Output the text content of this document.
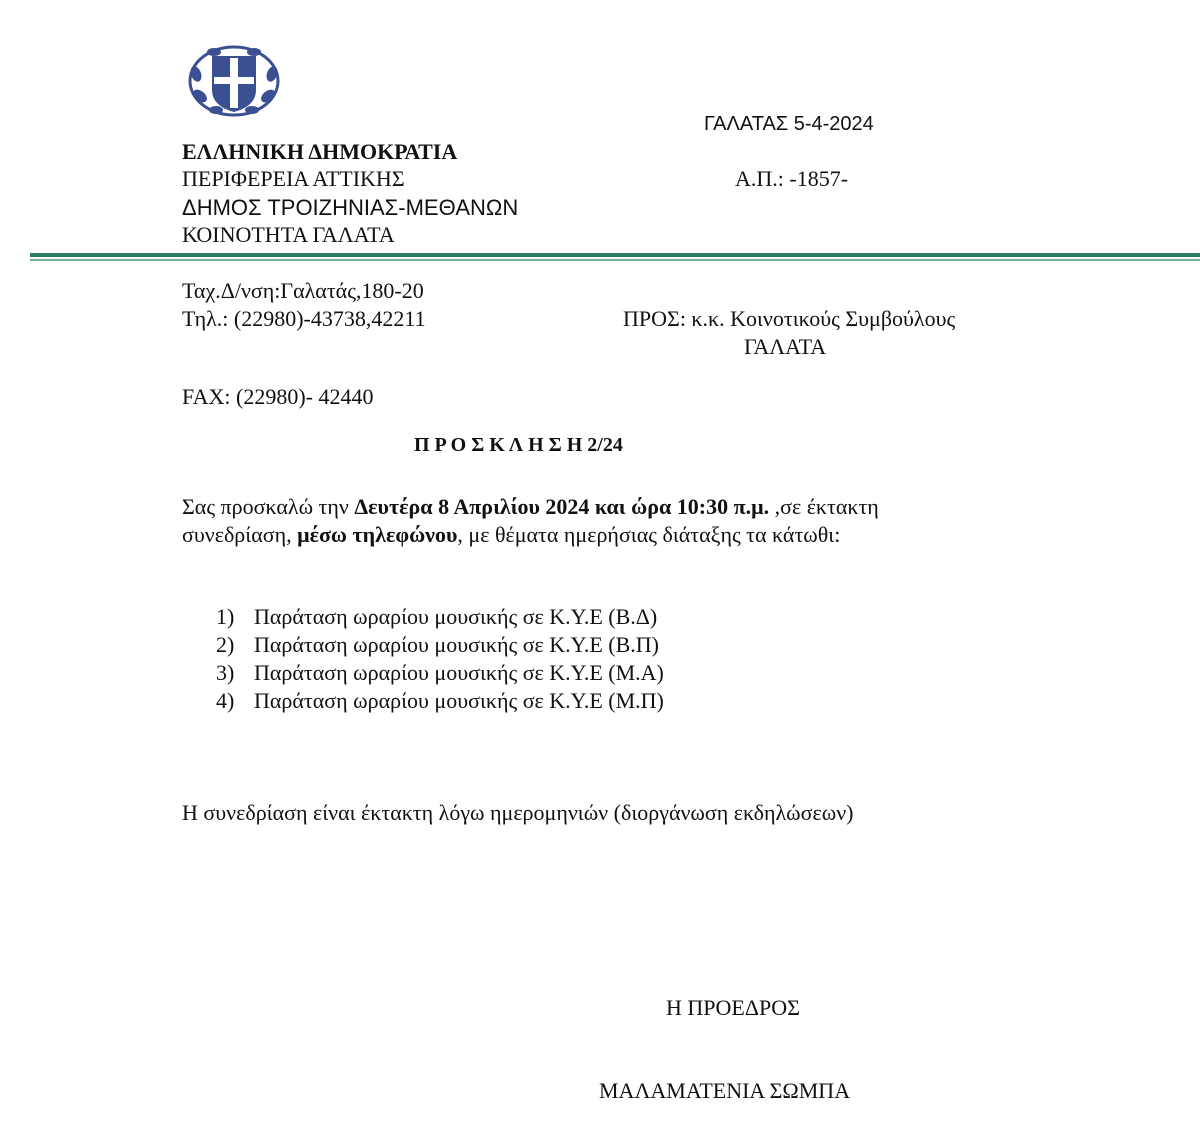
ΓΑΛΑΤΑΣ 5-4-2024
ΕΛΛΗΝΙΚΗ ΔΗΜΟΚΡΑΤΙΑ
ΠΕΡΙΦΕΡΕΙΑ ΑΤΤΙΚΗΣ	Α.Π.: -1857-
ΔΗΜΟΣ ΤΡΟΙΖΗΝΙΑΣ-ΜΕΘΑΝΩΝ
ΚΟΙΝΟΤΗΤΑ ΓΑΛΑΤΑ
Ταχ.Δ/νση:Γαλατάς,180-20
Τηλ.: (22980)-43738,42211	ΠΡΟΣ: κ.κ. Κοινοτικούς Συμβούλους
ΓΑΛΑΤΑ
FAX: (22980)- 42440
Π Ρ Ο Σ Κ Λ Η Σ Η 2/24
Σας προσκαλώ την Δευτέρα 8 Απριλίου 2024 και ώρα 10:30 π.μ. ,σε έκτακτη
συνεδρίαση, μέσω τηλεφώνου, με θέματα ημερήσιας διάταξης τα κάτωθι:
1) Παράταση ωραρίου μουσικής σε Κ.Υ.Ε (Β.Δ)
2) Παράταση ωραρίου μουσικής σε Κ.Υ.Ε (Β.Π)
3) Παράταση ωραρίου μουσικής σε Κ.Υ.Ε (Μ.Α)
4) Παράταση ωραρίου μουσικής σε Κ.Υ.Ε (Μ.Π)
Η συνεδρίαση είναι έκτακτη λόγω ημερομηνιών (διοργάνωση εκδηλώσεων)
Η ΠΡΟΕΔΡΟΣ
ΜΑΛΑΜΑΤΕΝΙΑ ΣΩΜΠΑ
